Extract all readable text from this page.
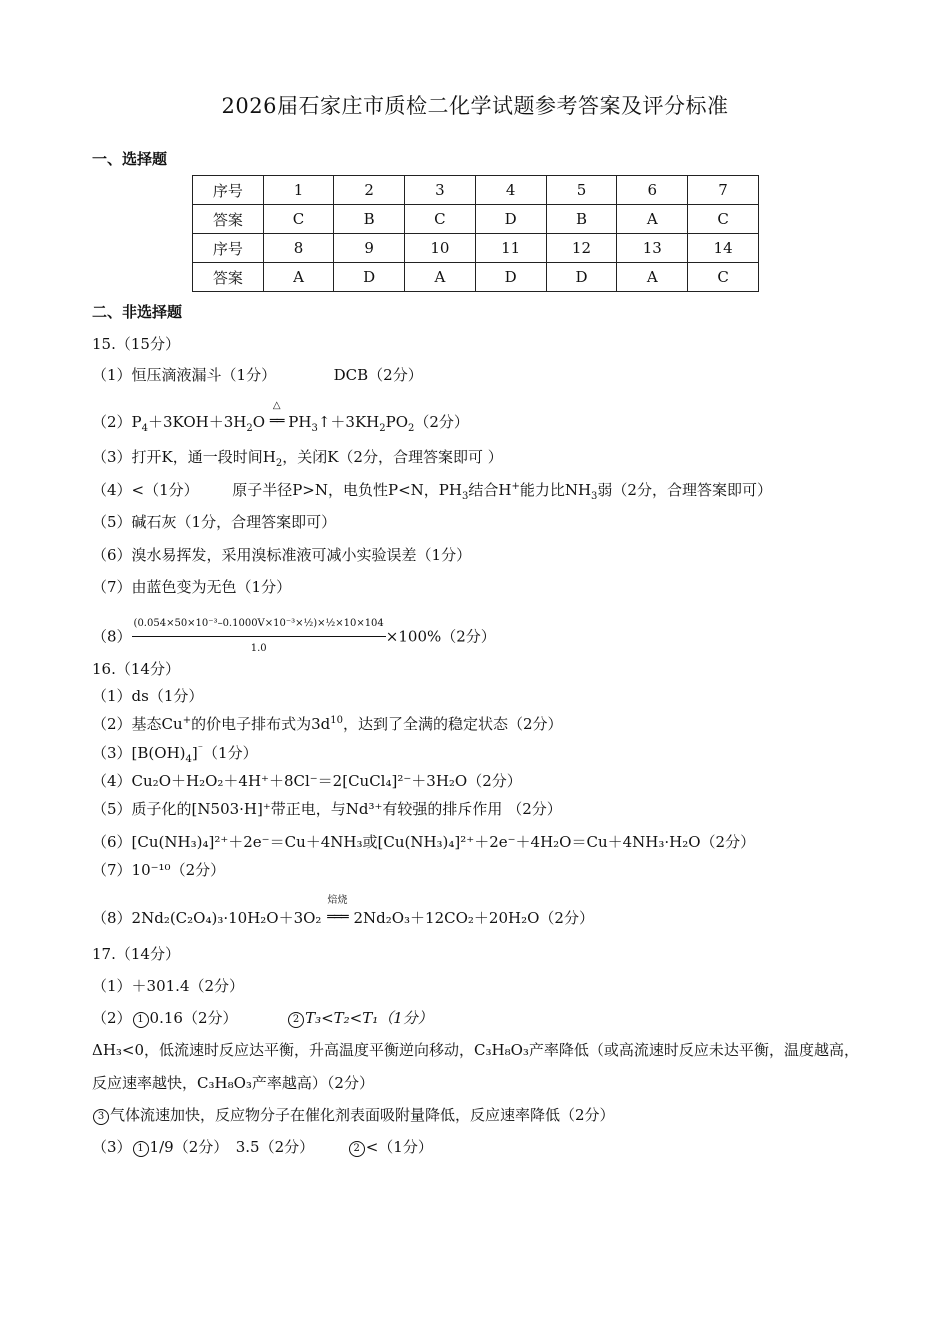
2026届石家庄市质检二化学试题参考答案及评分标准
一、选择题
序号	1	2	3	4	5	6	7
答案	C	B	C	D	B	A	C
序号	8	9	10	11	12	13	14
答案	A	D	A	D	D	A	C
二、非选择题
15.（15分）
（1）恒压滴液漏斗（1分）	DCB（2分）
$(2)P_4+3KOH+3H_2O$
△
══ $PH_3↑+3KH_2PO_2(2$分）
（3）打开K，通一段时间$H_2$，关闭K（2分，合理答案即可 ）
（4）<（1分） 原子半径P>N，电负性P<N，$PH_3$结合H+能力比$NH_3$弱（2分，合理答案即可）
（5）碱石灰（1分，合理答案即可）
（6）溴水易挥发，采用溴标准液可减小实验误差（1分）
（7）由蓝色变为无色（1分）
$(8) \frac{\text{(0.054×50×10⁻³–0.1000V×10⁻³×½)×½×10×104}}{1.0} \times 100\%(2$分）
16.（14分）
（1）ds（1分）
（2）基态Cu+的价电子排布式为$3d^{10}$，达到了全满的稳定状态（2分）
$(3)[B(OH)_4]^{^-}(1$分）
（4）Cu₂O＋H₂O₂＋4H⁺＋8Cl⁻＝2[CuCl₄]²⁻＋3H₂O（2分）
（5）质子化的[N503·H]⁺带正电，与Nd³⁺有较强的排斥作用 （2分）
（6）[Cu(NH₃)₄]²⁺＋2e⁻＝Cu＋4NH₃或[Cu(NH₃)₄]²⁺＋2e⁻＋4H₂O＝Cu＋4NH₃·H₂O（2分）
（7）10⁻¹⁰（2分）
（8）2Nd₂(C₂O₄)₃·10H₂O＋3O₂
焙烧
═══ 2Nd₂O₃＋12CO₂＋20H₂O（2分）
17.（14分）
（1）＋301.4（2分）
（2） 1 0.16（2分）	2 T₃<T₂<T₁（1分）
ΔH₃<0，低流速时反应达平衡，升高温度平衡逆向移动，C₃H₈O₃产率降低（或高流速时反应未达平衡，温度越高，反应速率越快，C₃H₈O₃产率越高）（2分）
3 气体流速加快，反应物分子在催化剂表面吸附量降低，反应速率降低（2分）
（3） 1 1/9（2分）　3.5（2分）	2 <（1分）
